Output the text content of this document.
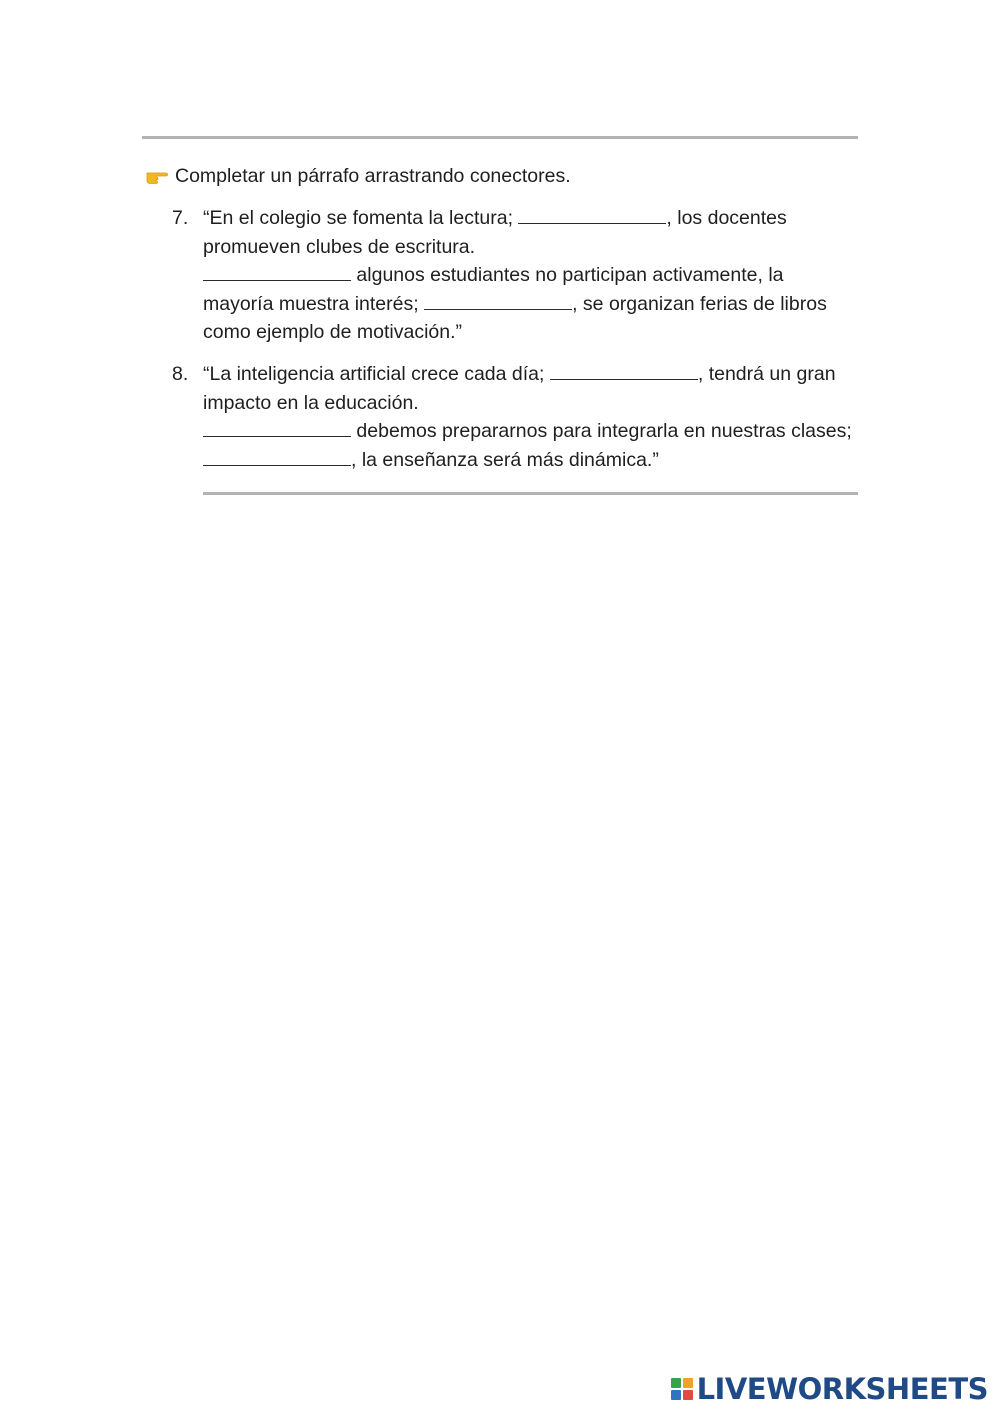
Completar un párrafo arrastrando conectores.
7. “En el colegio se fomenta la lectura;	, los docentes
promueven clubes de escritura.
algunos estudiantes no participan activamente, la
mayoría muestra interés;	, se organizan ferias de libros
como ejemplo de motivación.”
8. “La inteligencia artificial crece cada día;	, tendrá un gran
impacto en la educación.
debemos prepararnos para integrarla en nuestras clases;
, la enseñanza será más dinámica.”
LIVEWORKSHEETS
